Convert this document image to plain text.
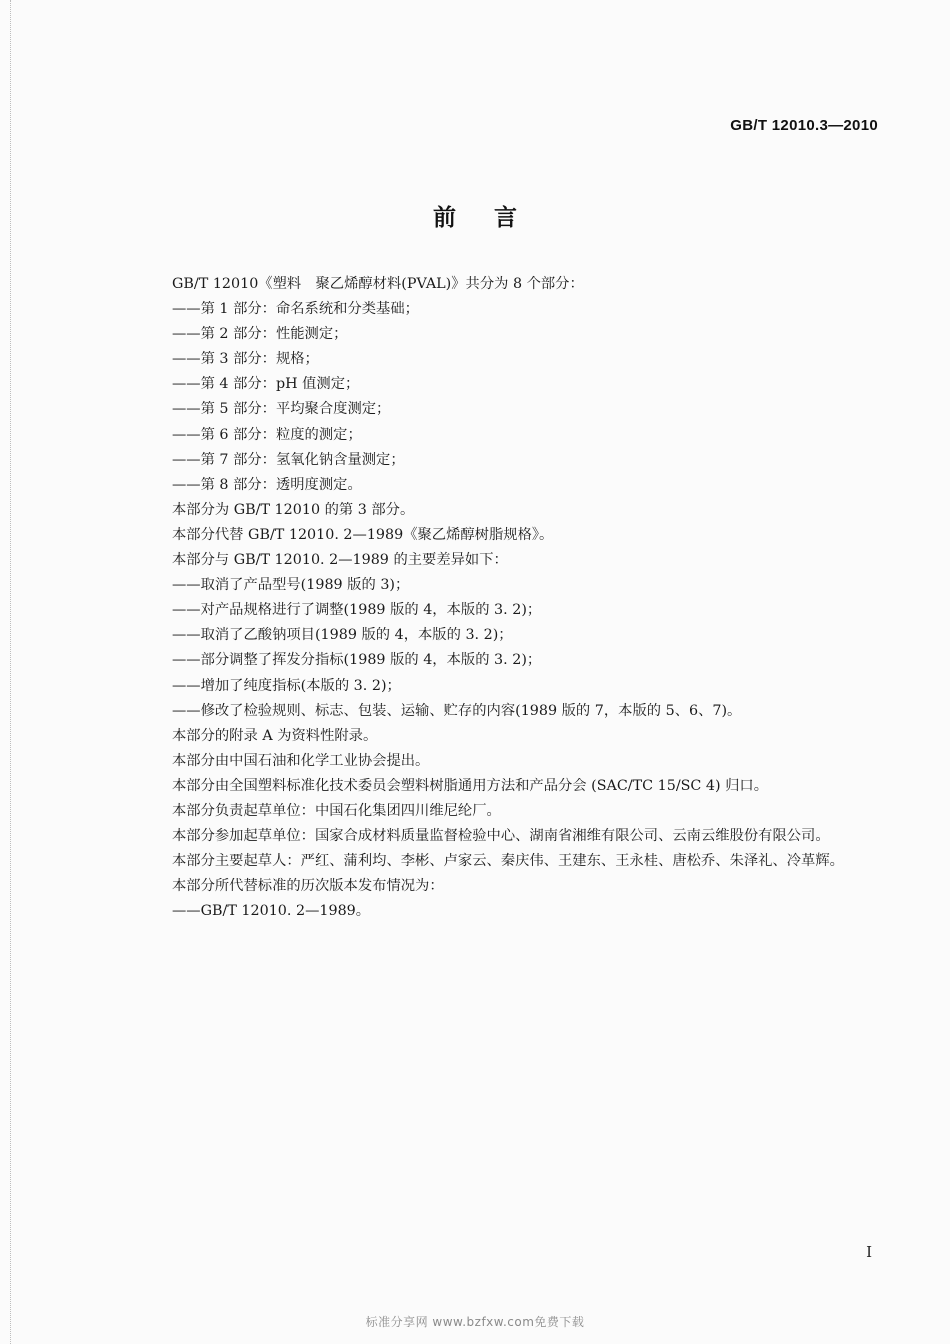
GB/T 12010.3—2010
前言

GB/T 12010《塑料　聚乙烯醇材料(PVAL)》共分为 8 个部分：

——第 1 部分：命名系统和分类基础；

——第 2 部分：性能测定；

——第 3 部分：规格；

——第 4 部分：pH 值测定；

——第 5 部分：平均聚合度测定；

——第 6 部分：粒度的测定；

——第 7 部分：氢氧化钠含量测定；

——第 8 部分：透明度测定。

本部分为 GB/T 12010 的第 3 部分。

本部分代替 GB/T 12010. 2—1989《聚乙烯醇树脂规格》。

本部分与 GB/T 12010. 2—1989 的主要差异如下：

——取消了产品型号(1989 版的 3)；

——对产品规格进行了调整(1989 版的 4，本版的 3. 2)；

——取消了乙酸钠项目(1989 版的 4，本版的 3. 2)；

——部分调整了挥发分指标(1989 版的 4，本版的 3. 2)；

——增加了纯度指标(本版的 3. 2)；

——修改了检验规则、标志、包装、运输、贮存的内容(1989 版的 7，本版的 5、6、7)。

本部分的附录 A 为资料性附录。

本部分由中国石油和化学工业协会提出。

本部分由全国塑料标准化技术委员会塑料树脂通用方法和产品分会 (SAC/TC 15/SC 4) 归口。

本部分负责起草单位：中国石化集团四川维尼纶厂。

本部分参加起草单位：国家合成材料质量监督检验中心、湖南省湘维有限公司、云南云维股份有限公司。

本部分主要起草人：严红、蒲利均、李彬、卢家云、秦庆伟、王建东、王永桂、唐松乔、朱泽礼、冷革辉。

本部分所代替标准的历次版本发布情况为：

——GB/T 12010. 2—1989。

I
标准分享网 www.bzfxw.com免费下载
